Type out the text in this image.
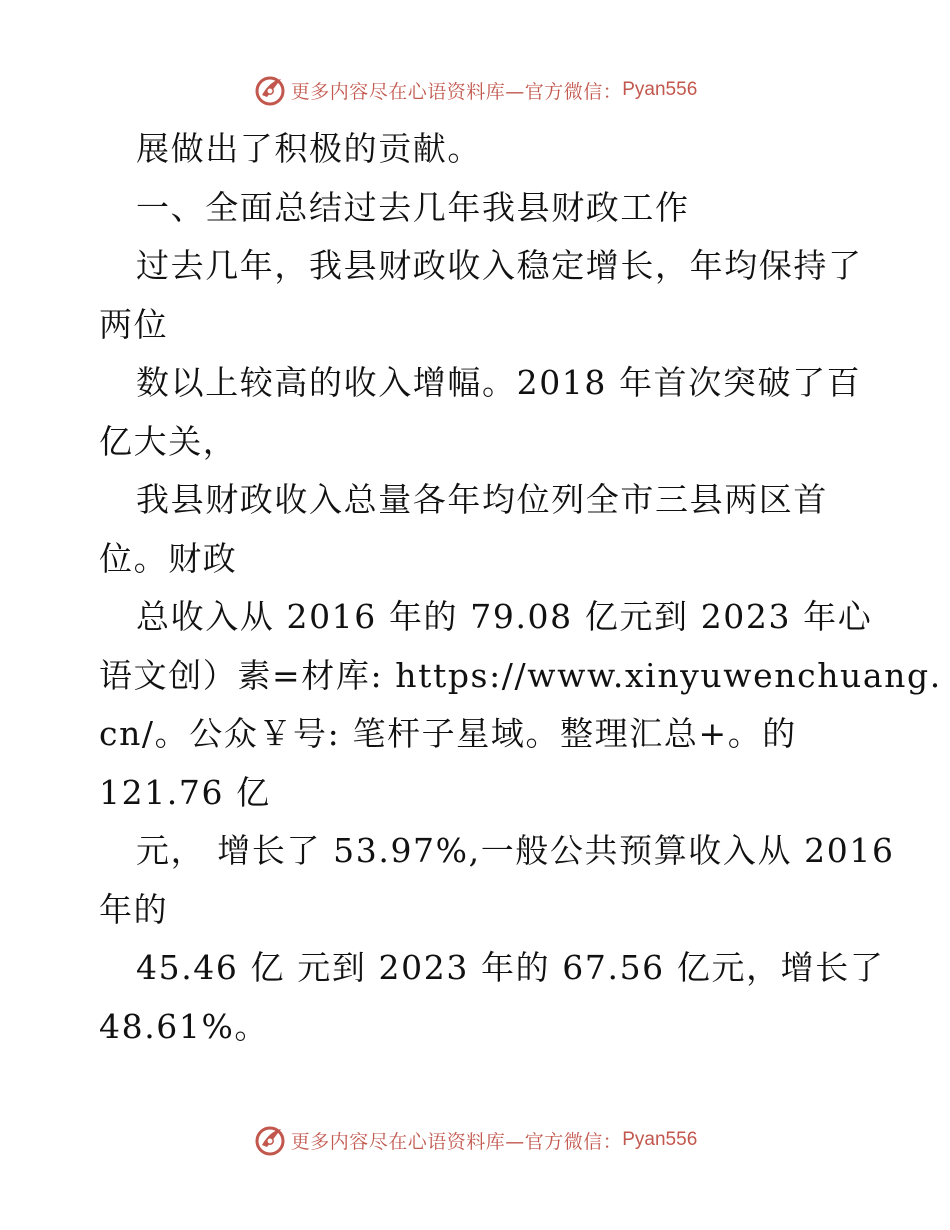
更多内容尽在心语资料库—官方微信： Pyan556
展做出了积极的贡献。
一、全面总结过去几年我县财政工作
过去几年，我县财政收入稳定增长，年均保持了
两位
数以上较高的收入增幅。2018 年首次突破了百
亿大关，
我县财政收入总量各年均位列全市三县两区首
位。财政
总收入从 2016 年的 79.08 亿元到 2023 年心
语文创）素=材库: https://www.xinyuwenchuang.
cn/。公众￥号: 笔杆子星域。整理汇总+。的
121.76 亿
元， 增长了 53.97%,一般公共预算收入从 2016
年的
45.46 亿 元到 2023 年的 67.56 亿元，增长了
48.61%。
更多内容尽在心语资料库—官方微信： Pyan556
